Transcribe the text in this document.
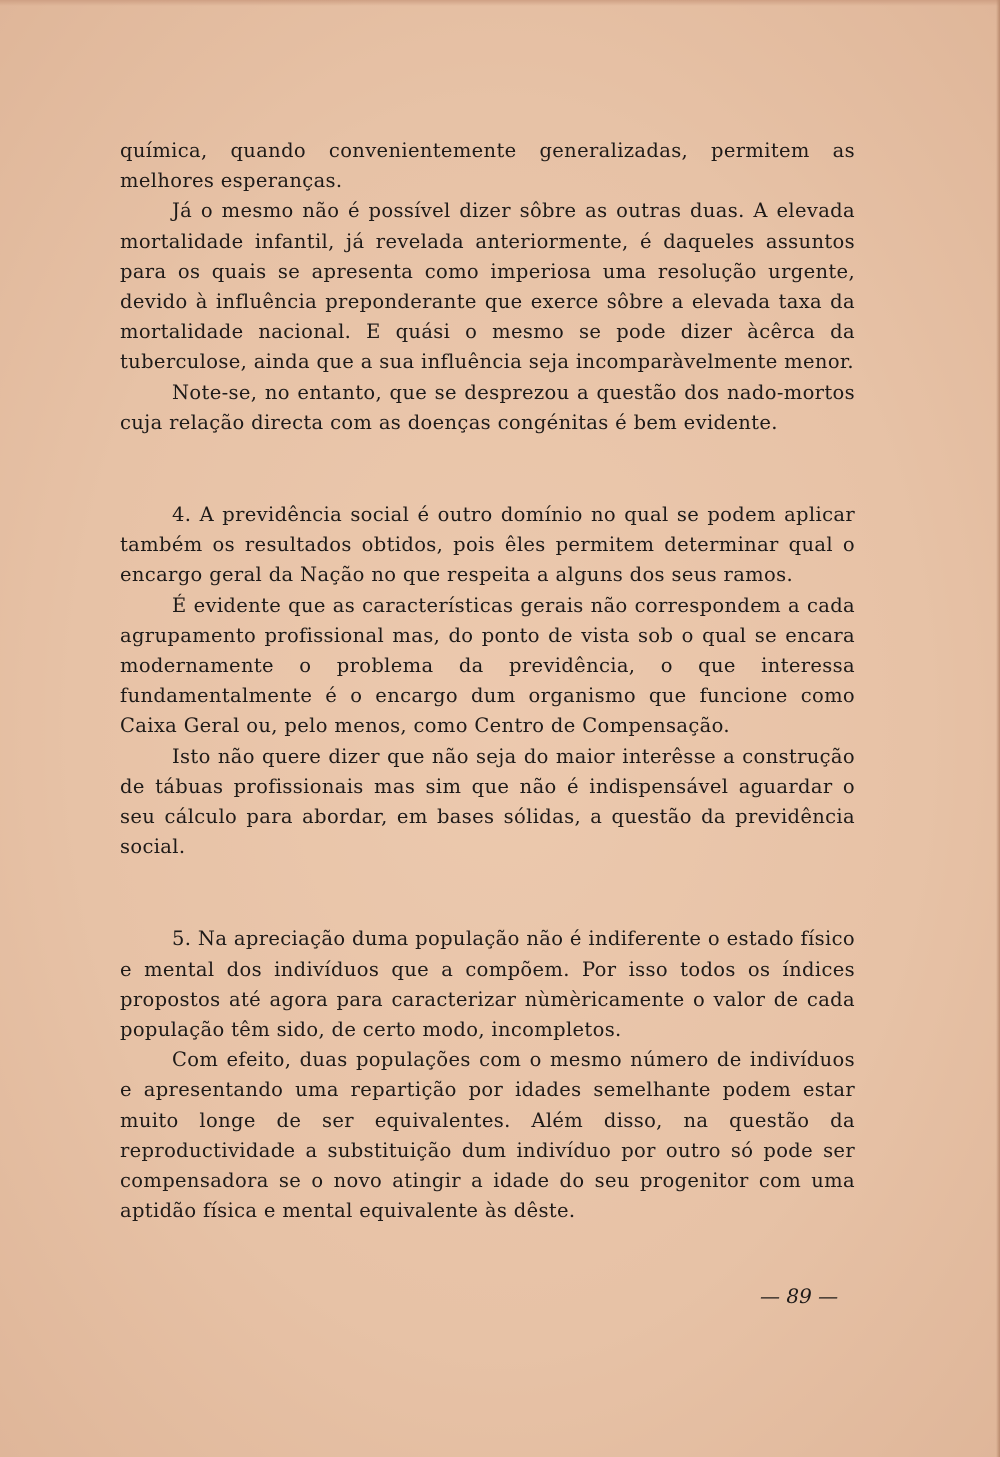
química, quando convenientemente generalizadas, permitem as melhores esperanças.

Já o mesmo não é possível dizer sôbre as outras duas. A elevada mortalidade infantil, já revelada anteriormente, é daqueles assuntos para os quais se apresenta como imperiosa uma resolução urgente, devido à influência preponderante que exerce sôbre a elevada taxa da mortalidade nacional. E quási o mesmo se pode dizer àcêrca da tuberculose, ainda que a sua influência seja incomparàvelmente menor.

Note-se, no entanto, que se desprezou a questão dos nado-mortos cuja relação directa com as doenças congénitas é bem evidente.

4. A previdência social é outro domínio no qual se podem aplicar também os resultados obtidos, pois êles permitem determinar qual o encargo geral da Nação no que respeita a alguns dos seus ramos.

É evidente que as características gerais não correspondem a cada agrupamento profissional mas, do ponto de vista sob o qual se encara modernamente o problema da previdência, o que interessa fundamentalmente é o encargo dum organismo que funcione como Caixa Geral ou, pelo menos, como Centro de Compensação.

Isto não quere dizer que não seja do maior interêsse a construção de tábuas profissionais mas sim que não é indispensável aguardar o seu cálculo para abordar, em bases sólidas, a questão da previdência social.

5. Na apreciação duma população não é indiferente o estado físico e mental dos indivíduos que a compõem. Por isso todos os índices propostos até agora para caracterizar nùmèricamente o valor de cada população têm sido, de certo modo, incompletos.

Com efeito, duas populações com o mesmo número de indivíduos e apresentando uma repartição por idades semelhante podem estar muito longe de ser equivalentes. Além disso, na questão da reproductividade a substituição dum indivíduo por outro só pode ser compensadora se o novo atingir a idade do seu progenitor com uma aptidão física e mental equivalente às dêste.

— 89 —
